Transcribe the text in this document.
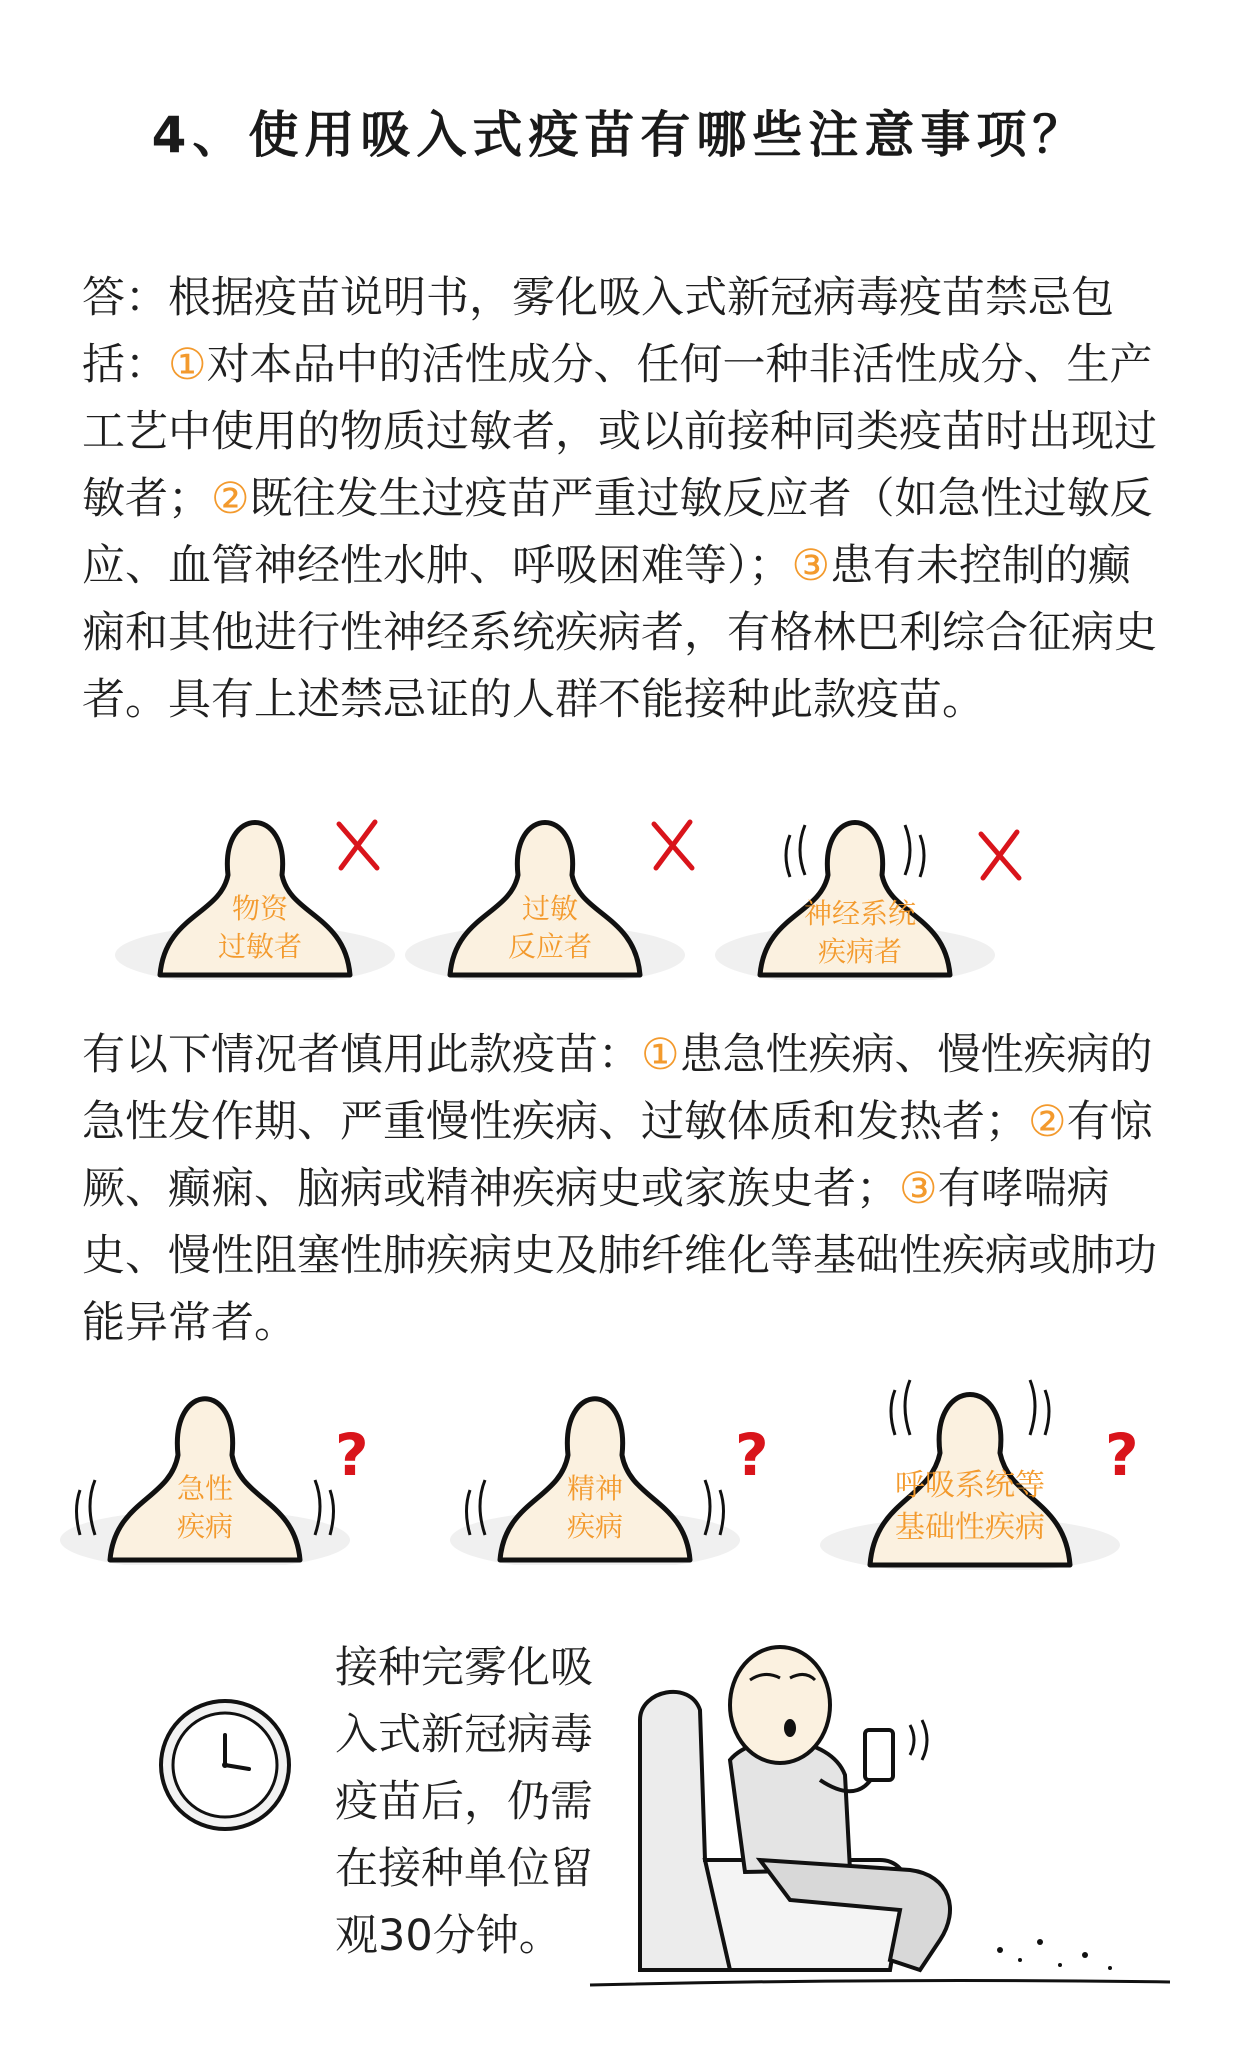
4、使用吸入式疫苗有哪些注意事项？
答：根据疫苗说明书，雾化吸入式新冠病毒疫苗禁忌包括：①对本品中的活性成分、任何一种非活性成分、生产工艺中使用的物质过敏者，或以前接种同类疫苗时出现过敏者；②既往发生过疫苗严重过敏反应者（如急性过敏反应、血管神经性水肿、呼吸困难等）；③患有未控制的癫痫和其他进行性神经系统疾病者，有格林巴利综合征病史者。具有上述禁忌证的人群不能接种此款疫苗。
物资
过敏者
过敏
反应者
神经系统
疾病者
有以下情况者慎用此款疫苗：①患急性疾病、慢性疾病的急性发作期、严重慢性疾病、过敏体质和发热者；②有惊厥、癫痫、脑病或精神疾病史或家族史者；③有哮喘病史、慢性阻塞性肺疾病史及肺纤维化等基础性疾病或肺功能异常者。
急性
疾病
?	精神
疾病
?	呼吸系统等
基础性疾病
?
接种完雾化吸入式新冠病毒疫苗后，仍需在接种单位留观30分钟。
